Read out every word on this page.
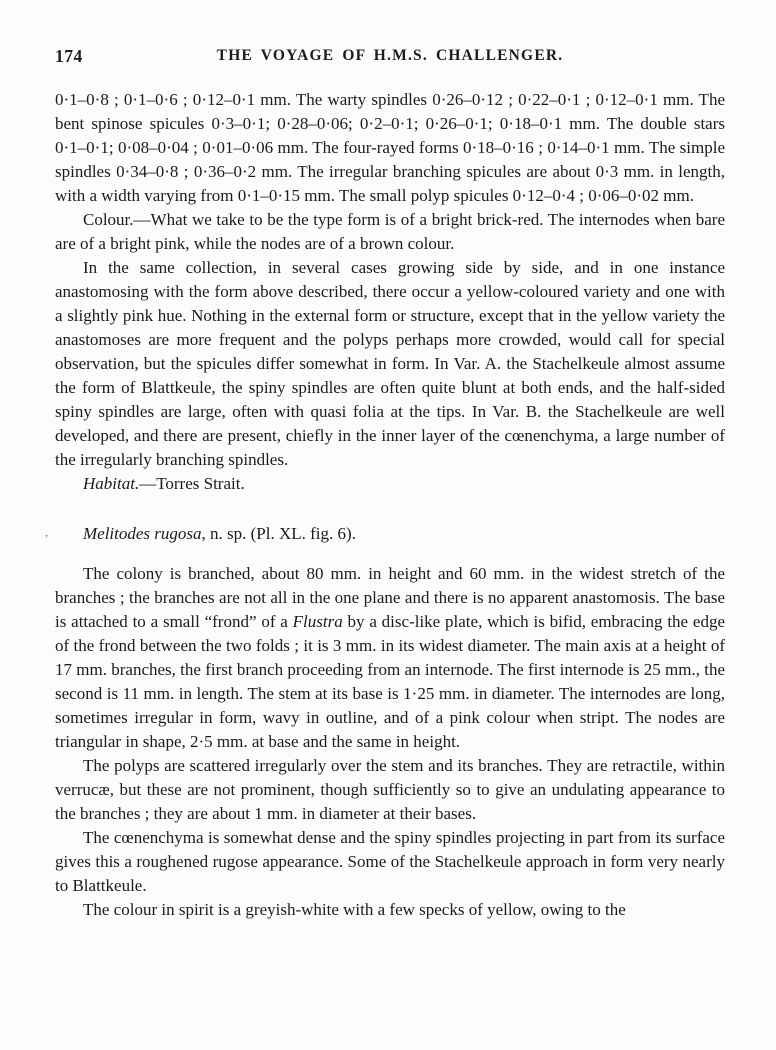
174	THE VOYAGE OF H.M.S. CHALLENGER.

0·1–0·8 ; 0·1–0·6 ; 0·12–0·1 mm. The warty spindles 0·26–0·12 ; 0·22–0·1 ; 0·12–0·1 mm. The bent spinose spicules 0·3–0·1; 0·28–0·06; 0·2–0·1; 0·26–0·1; 0·18–0·1 mm. The double stars 0·1–0·1; 0·08–0·04 ; 0·01–0·06 mm. The four-rayed forms 0·18–0·16 ; 0·14–0·1 mm. The simple spindles 0·34–0·8 ; 0·36–0·2 mm. The irregular branching spicules are about 0·3 mm. in length, with a width varying from 0·1–0·15 mm. The small polyp spicules 0·12–0·4 ; 0·06–0·02 mm.

Colour.—What we take to be the type form is of a bright brick-red. The internodes when bare are of a bright pink, while the nodes are of a brown colour.

In the same collection, in several cases growing side by side, and in one instance anastomosing with the form above described, there occur a yellow-coloured variety and one with a slightly pink hue. Nothing in the external form or structure, except that in the yellow variety the anastomoses are more frequent and the polyps perhaps more crowded, would call for special observation, but the spicules differ somewhat in form. In Var. A. the Stachelkeule almost assume the form of Blattkeule, the spiny spindles are often quite blunt at both ends, and the half-sided spiny spindles are large, often with quasi folia at the tips. In Var. B. the Stachelkeule are well developed, and there are present, chiefly in the inner layer of the cœnenchyma, a large number of the irregularly branching spindles.

Habitat.—Torres Strait.

Melitodes rugosa, n. sp. (Pl. XL. fig. 6).

The colony is branched, about 80 mm. in height and 60 mm. in the widest stretch of the branches ; the branches are not all in the one plane and there is no apparent anastomosis. The base is attached to a small “frond” of a Flustra by a disc-like plate, which is bifid, embracing the edge of the frond between the two folds ; it is 3 mm. in its widest diameter. The main axis at a height of 17 mm. branches, the first branch proceeding from an internode. The first internode is 25 mm., the second is 11 mm. in length. The stem at its base is 1·25 mm. in diameter. The internodes are long, sometimes irregular in form, wavy in outline, and of a pink colour when stript. The nodes are triangular in shape, 2·5 mm. at base and the same in height.

The polyps are scattered irregularly over the stem and its branches. They are retractile, within verrucæ, but these are not prominent, though sufficiently so to give an undulating appearance to the branches ; they are about 1 mm. in diameter at their bases.

The cœnenchyma is somewhat dense and the spiny spindles projecting in part from its surface gives this a roughened rugose appearance. Some of the Stachelkeule approach in form very nearly to Blattkeule.

The colour in spirit is a greyish-white with a few specks of yellow, owing to the

‛
